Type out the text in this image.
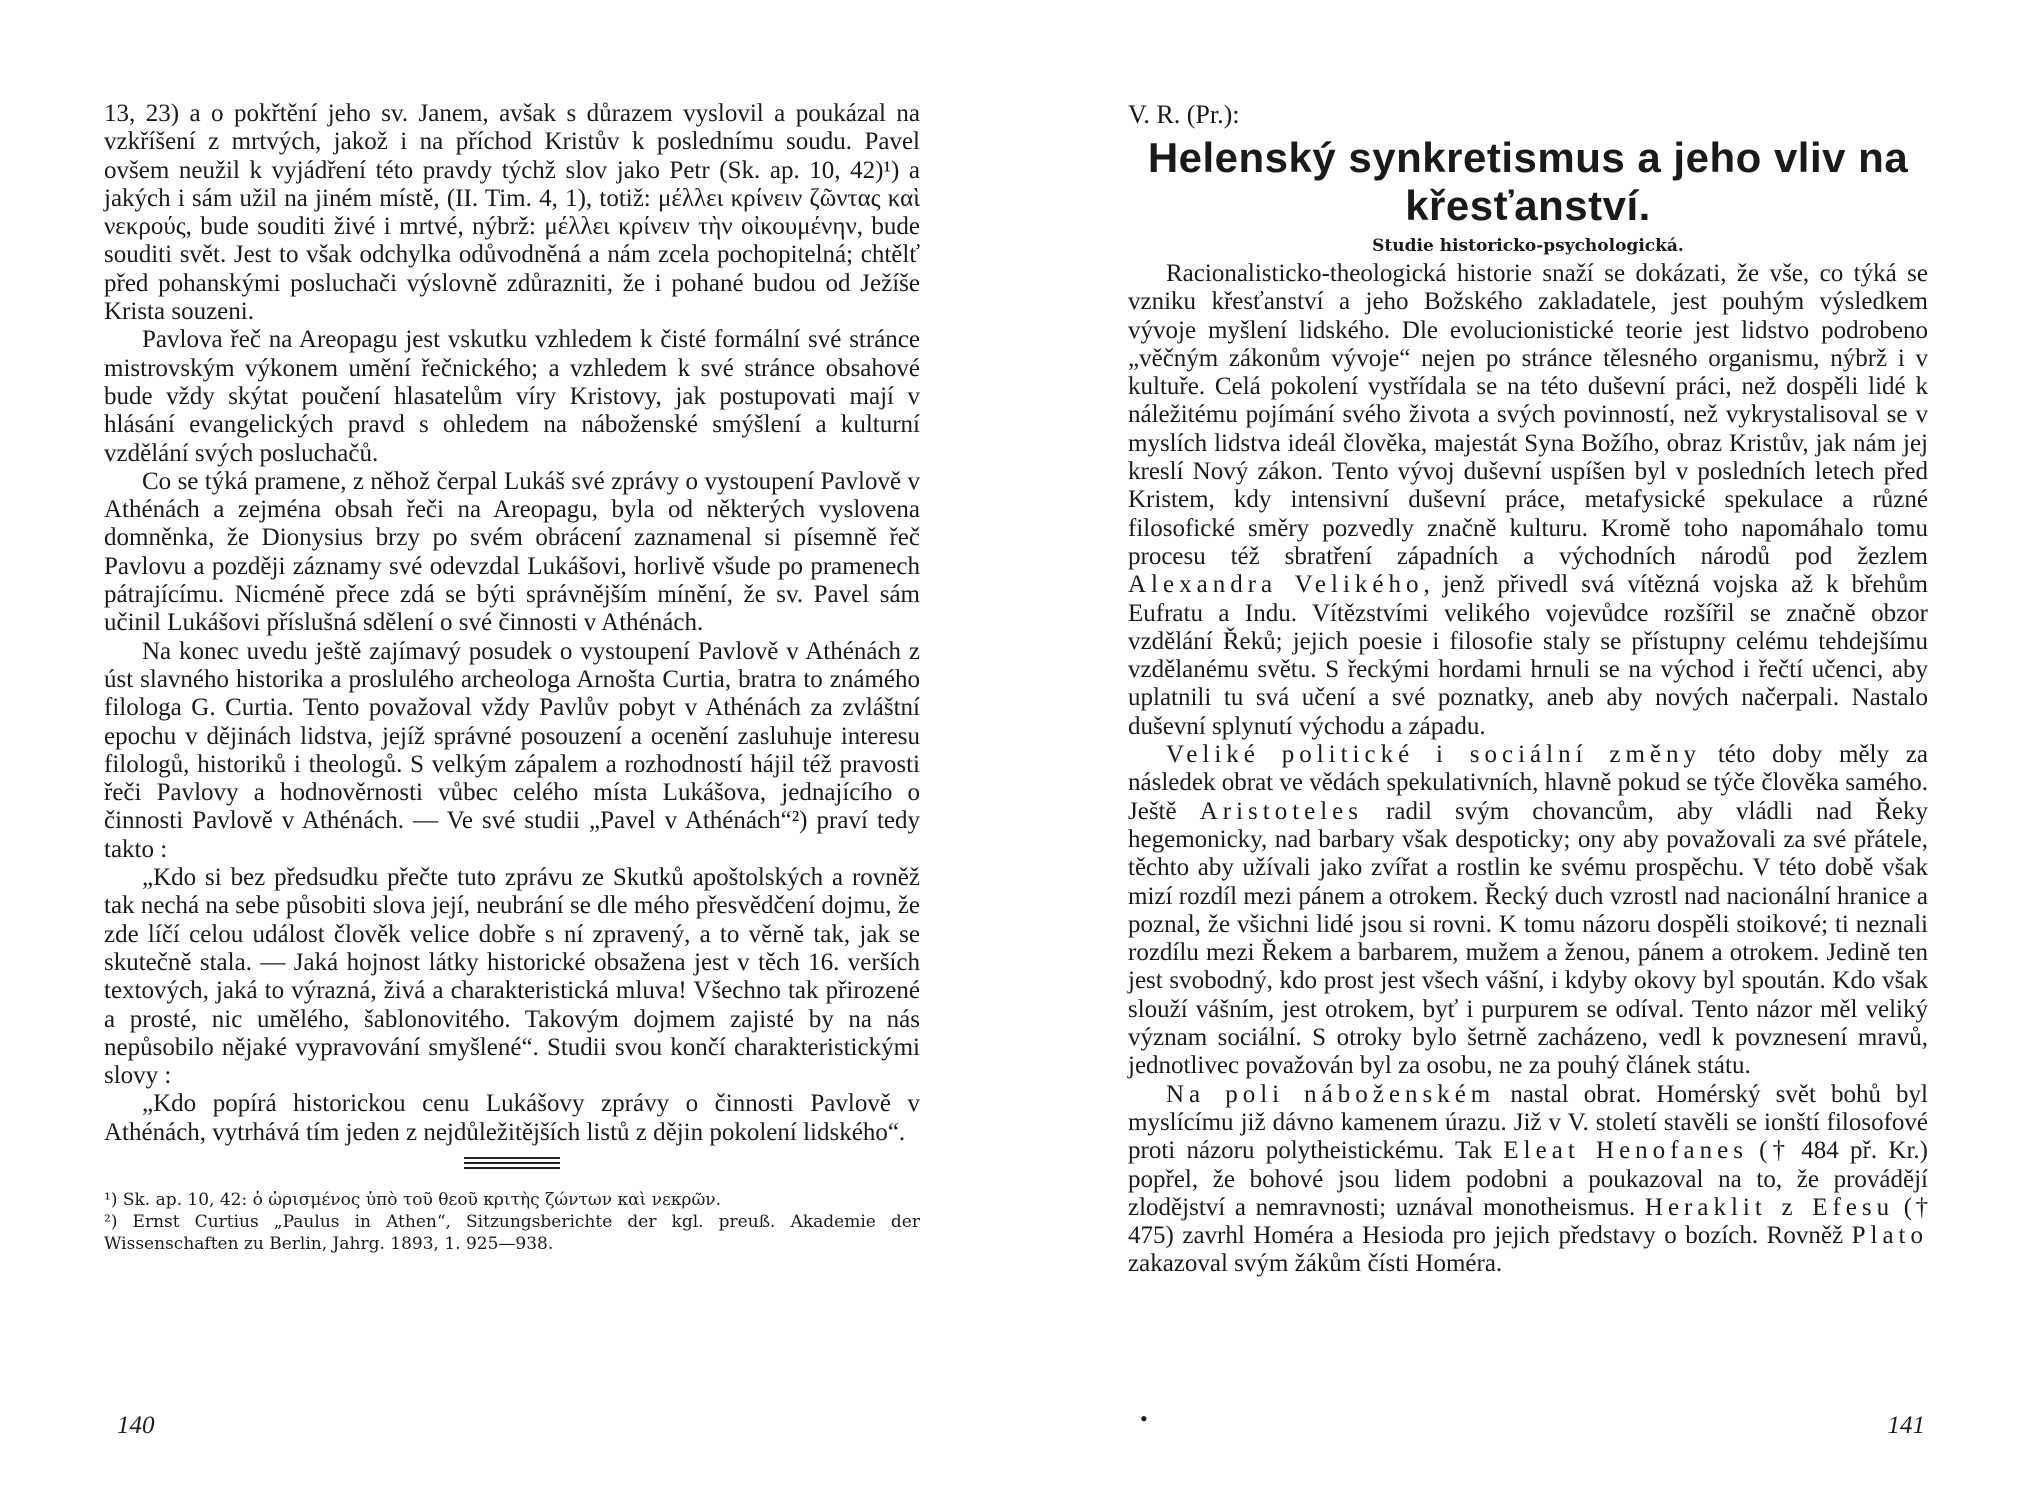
13, 23) a o pokřtění jeho sv. Janem, avšak s důrazem vyslovil a poukázal na vzkříšení z mrtvých, jakož i na příchod Kristův k poslednímu soudu. Pavel ovšem neužil k vyjádření této pravdy týchž slov jako Petr (Sk. ap. 10, 42)¹) a jakých i sám užil na jiném místě, (II. Tim. 4, 1), totiž: μέλλει κρίνειν ζῶντας καὶ νεκρούς, bude souditi živé i mrtvé, nýbrž: μέλλει κρίνειν τὴν οἰκουμένην, bude souditi svět. Jest to však odchylka odůvodněná a nám zcela pochopitelná; chtělť před pohanskými posluchači výslovně zdůrazniti, že i pohané budou od Ježíše Krista souzeni.

Pavlova řeč na Areopagu jest vskutku vzhledem k čisté formální své stránce mistrovským výkonem umění řečnického; a vzhledem k své stránce obsahové bude vždy skýtat poučení hlasatelům víry Kristovy, jak postupovati mají v hlásání evangelických pravd s ohledem na náboženské smýšlení a kulturní vzdělání svých posluchačů.

Co se týká pramene, z něhož čerpal Lukáš své zprávy o vystoupení Pavlově v Athénách a zejména obsah řeči na Areopagu, byla od některých vyslovena domněnka, že Dionysius brzy po svém obrácení zaznamenal si písemně řeč Pavlovu a později záznamy své odevzdal Lukášovi, horlivě všude po pramenech pátrajícímu. Nicméně přece zdá se býti správnějším mínění, že sv. Pavel sám učinil Lukášovi příslušná sdělení o své činnosti v Athénách.

Na konec uvedu ještě zajímavý posudek o vystoupení Pavlově v Athénách z úst slavného historika a proslulého archeologa Arnošta Curtia, bratra to známého filologa G. Curtia. Tento považoval vždy Pavlův pobyt v Athénách za zvláštní epochu v dějinách lidstva, jejíž správné posouzení a ocenění zasluhuje interesu filologů, historiků i theologů. S velkým zápalem a rozhodností hájil též pravosti řeči Pavlovy a hodnověrnosti vůbec celého místa Lukášova, jednajícího o činnosti Pavlově v Athénách. — Ve své studii „Pavel v Athénách“²) praví tedy takto :

„Kdo si bez předsudku přečte tuto zprávu ze Skutků apoštolských a rovněž tak nechá na sebe působiti slova její, neubrání se dle mého přesvědčení dojmu, že zde líčí celou událost člověk velice dobře s ní zpravený, a to věrně tak, jak se skutečně stala. — Jaká hojnost látky historické obsažena jest v těch 16. verších textových, jaká to výrazná, živá a charakteristická mluva! Všechno tak přirozené a prosté, nic umělého, šablonovitého. Takovým dojmem zajisté by na nás nepůsobilo nějaké vypravování smyšlené“. Studii svou končí charakteristickými slovy :

„Kdo popírá historickou cenu Lukášovy zprávy o činnosti Pavlově v Athénách, vytrhává tím jeden z nejdůležitějších listů z dějin pokolení lidského“.

¹) Sk. ap. 10, 42: ὁ ὡρισμένος ὑπὸ τοῦ θεοῦ κριτὴς ζώντων καὶ νεκρῶν.

²) Ernst Curtius „Paulus in Athen“, Sitzungsberichte der kgl. preuß. Akademie der Wissenschaften zu Berlin, Jahrg. 1893, 1. 925—938.

140
V. R. (Pr.):
Helenský synkretismus a jeho vliv na křesťanství.
Studie historicko-psychologická.

Racionalisticko-theologická historie snaží se dokázati, že vše, co týká se vzniku křesťanství a jeho Božského zakladatele, jest pouhým výsledkem vývoje myšlení lidského. Dle evolucionistické teorie jest lidstvo podrobeno „věčným zákonům vývoje“ nejen po stránce tělesného organismu, nýbrž i v kultuře. Celá pokolení vystřídala se na této duševní práci, než dospěli lidé k náležitému pojímání svého života a svých povinností, než vykrystalisoval se v myslích lidstva ideál člověka, majestát Syna Božího, obraz Kristův, jak nám jej kreslí Nový zákon. Tento vývoj duševní uspíšen byl v posledních letech před Kristem, kdy intensivní duševní práce, metafysické spekulace a různé filosofické směry pozvedly značně kulturu. Kromě toho napomáhalo tomu procesu též sbratření západních a východních národů pod žezlem Alexandra Velikého, jenž přivedl svá vítězná vojska až k břehům Eufratu a Indu. Vítězstvími velikého vojevůdce rozšířil se značně obzor vzdělání Řeků; jejich poesie i filosofie staly se přístupny celému tehdejšímu vzdělanému světu. S řeckými hordami hrnuli se na východ i řečtí učenci, aby uplatnili tu svá učení a své poznatky, aneb aby nových načerpali. Nastalo duševní splynutí východu a západu.

Veliké politické i sociální změny této doby měly za následek obrat ve vědách spekulativních, hlavně pokud se týče člověka samého. Ještě Aristoteles radil svým chovancům, aby vládli nad Řeky hegemonicky, nad barbary však despoticky; ony aby považovali za své přátele, těchto aby užívali jako zvířat a rostlin ke svému prospěchu. V této době však mizí rozdíl mezi pánem a otrokem. Řecký duch vzrostl nad nacionální hranice a poznal, že všichni lidé jsou si rovni. K tomu názoru dospěli stoikové; ti neznali rozdílu mezi Řekem a barbarem, mužem a ženou, pánem a otrokem. Jedině ten jest svobodný, kdo prost jest všech vášní, i kdyby okovy byl spoután. Kdo však slouží vášním, jest otrokem, byť i purpurem se odíval. Tento názor měl veliký význam sociální. S otroky bylo šetrně zacházeno, vedl k povznesení mravů, jednotlivec považován byl za osobu, ne za pouhý článek státu.

Na poli náboženském nastal obrat. Homérský svět bohů byl myslícímu již dávno kamenem úrazu. Již v V. století stavěli se ionští filosofové proti názoru polytheistickému. Tak Eleat Henofanes († 484 př. Kr.) popřel, že bohové jsou lidem podobni a poukazoval na to, že provádějí zlodějství a nemravnosti; uznával monotheismus. Heraklit z Efesu († 475) zavrhl Homéra a Hesioda pro jejich představy o bozích. Rovněž Plato zakazoval svým žákům čísti Homéra.

•	141
